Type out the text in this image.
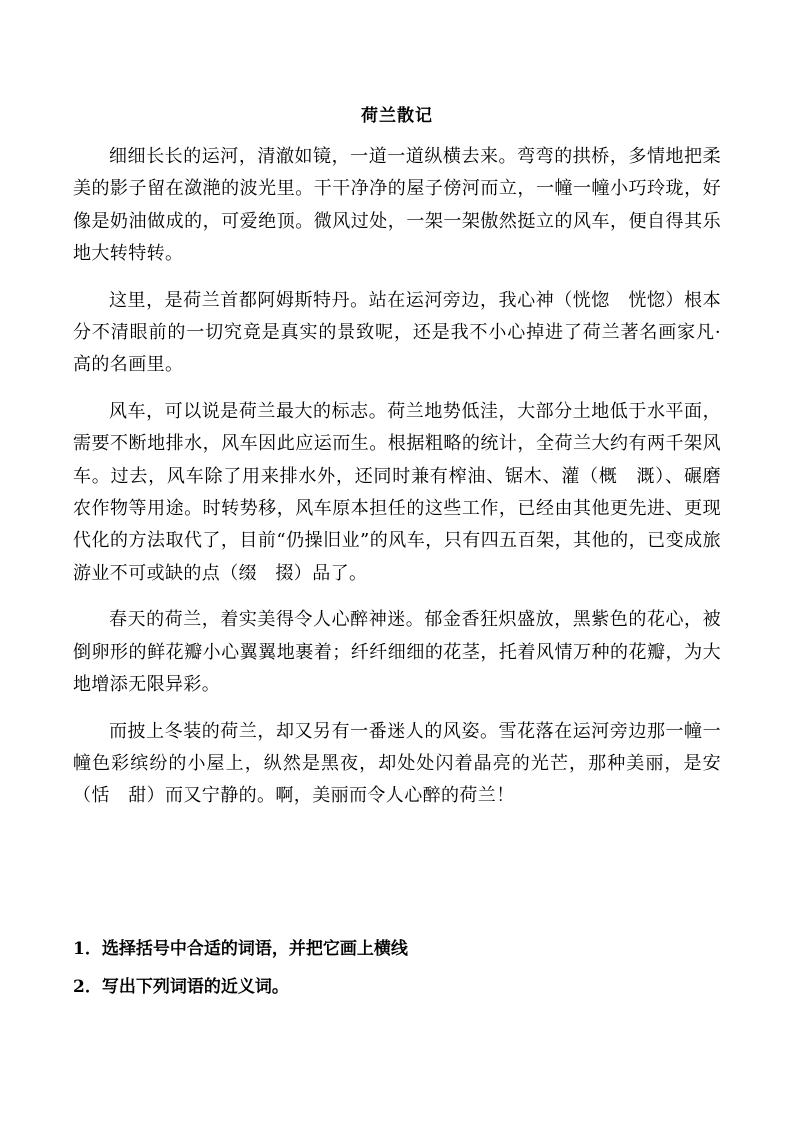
荷兰散记

细细长长的运河，清澈如镜，一道一道纵横去来。弯弯的拱桥，多情地把柔美的影子留在潋滟的波光里。干干净净的屋子傍河而立，一幢一幢小巧玲珑，好像是奶油做成的，可爱绝顶。微风过处，一架一架傲然挺立的风车，便自得其乐地大转特转。

这里，是荷兰首都阿姆斯特丹。站在运河旁边，我心神（恍惚　恍惚）根本分不清眼前的一切究竟是真实的景致呢，还是我不小心掉进了荷兰著名画家凡·高的名画里。

风车，可以说是荷兰最大的标志。荷兰地势低洼，大部分土地低于水平面，需要不断地排水，风车因此应运而生。根据粗略的统计，全荷兰大约有两千架风车。过去，风车除了用来排水外，还同时兼有榨油、锯木、灌（概　溉）、碾磨农作物等用途。时转势移，风车原本担任的这些工作，已经由其他更先进、更现代化的方法取代了，目前“仍操旧业”的风车，只有四五百架，其他的，已变成旅游业不可或缺的点（缀　掇）品了。

春天的荷兰，着实美得令人心醉神迷。郁金香狂炽盛放，黑紫色的花心，被倒卵形的鲜花瓣小心翼翼地裹着；纤纤细细的花茎，托着风情万种的花瓣，为大地增添无限异彩。

而披上冬装的荷兰，却又另有一番迷人的风姿。雪花落在运河旁边那一幢一幢色彩缤纷的小屋上，纵然是黑夜，却处处闪着晶亮的光芒，那种美丽，是安（恬　甜）而又宁静的。啊，美丽而令人心醉的荷兰！

1．选择括号中合适的词语，并把它画上横线

2．写出下列词语的近义词。
